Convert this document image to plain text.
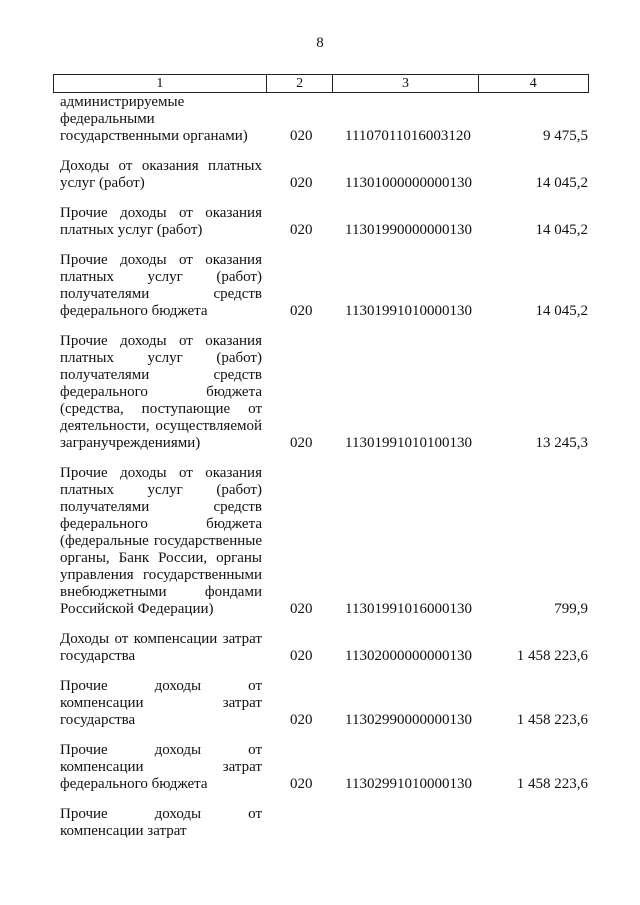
8
1	2	3	4
администрируемые федеральными государственными органами)	020 11107011016003120	9 475,5
Доходы от оказания платных услуг (работ)	020 11301000000000130	14 045,2
Прочие доходы от оказания платных услуг (работ)	020 11301990000000130	14 045,2
Прочие доходы от оказания платных услуг (работ) получателями средств федерального бюджета	020 11301991010000130	14 045,2
Прочие доходы от оказания платных услуг (работ) получателями средств федерального бюджета (средства, поступающие от деятельности, осуществляемой загранучреждениями)	020 11301991010100130	13 245,3
Прочие доходы от оказания платных услуг (работ) получателями средств федерального бюджета (федеральные государственные органы, Банк России, органы управления государственными внебюджетными фондами Российской Федерации)	020 11301991016000130	799,9
Доходы от компенсации затрат государства	020 11302000000000130	1 458 223,6
Прочие доходы от компенсации затрат государства	020 11302990000000130	1 458 223,6
Прочие доходы от компенсации затрат федерального бюджета	020 11302991010000130	1 458 223,6
Прочие доходы от компенсации затрат
